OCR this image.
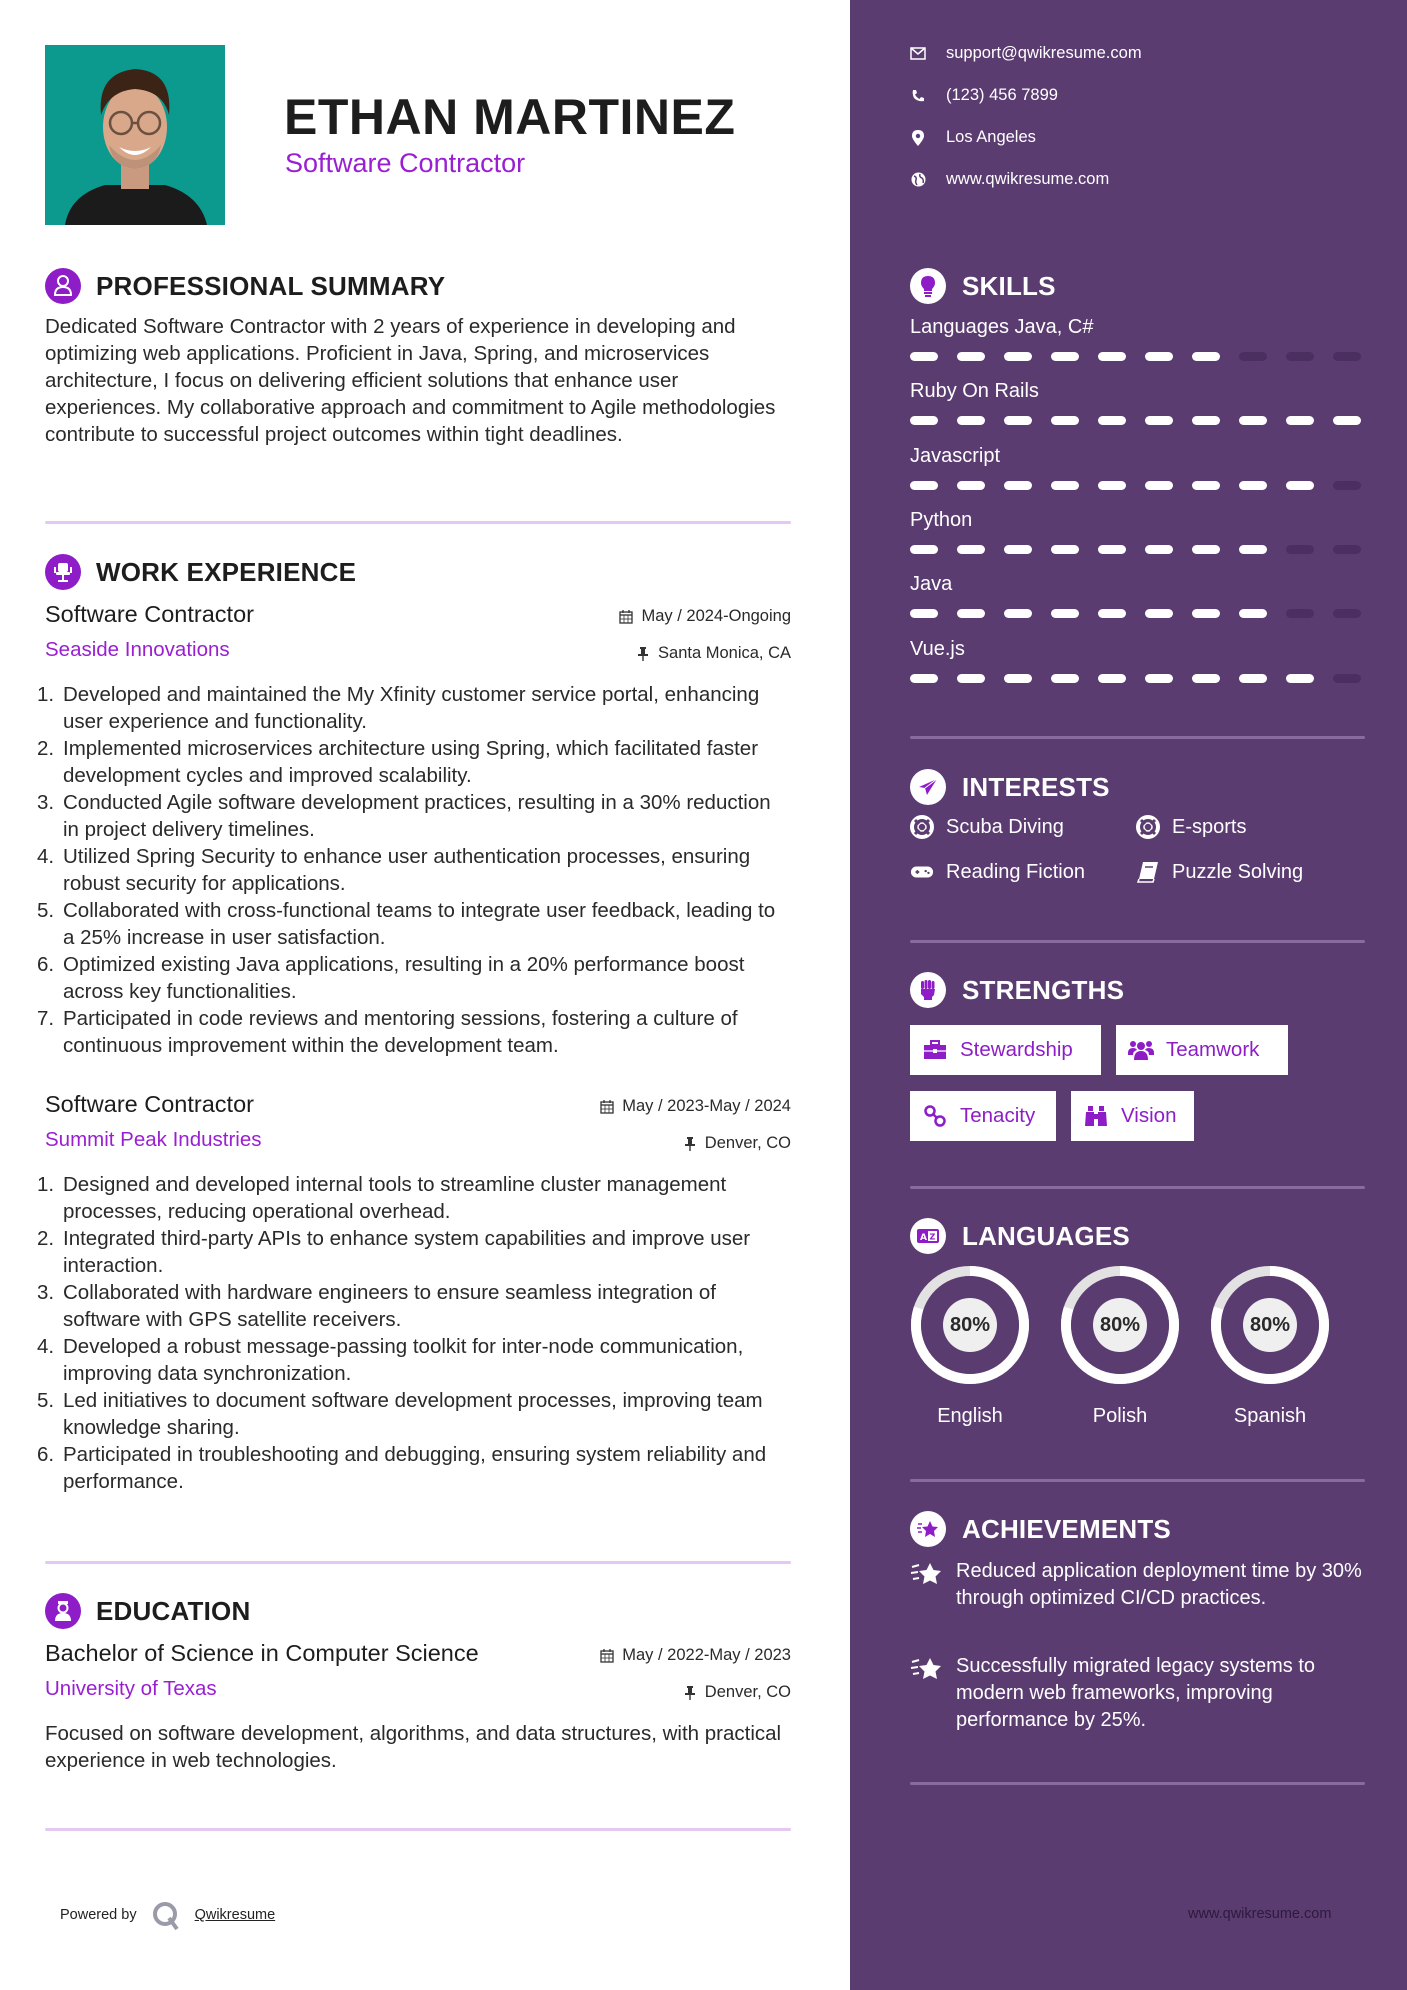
ETHAN MARTINEZ
Software Contractor
PROFESSIONAL SUMMARY

Dedicated Software Contractor with 2 years of experience in developing and optimizing web applications. Proficient in Java, Spring, and microservices architecture, I focus on delivering efficient solutions that enhance user experiences. My collaborative approach and commitment to Agile methodologies contribute to successful project outcomes within tight deadlines.

WORK EXPERIENCE
Software Contractor	May / 2024-Ongoing
Seaside Innovations	Santa Monica, CA
1. Developed and maintained the My Xfinity customer service portal, enhancing user experience and functionality.
2. Implemented microservices architecture using Spring, which facilitated faster development cycles and improved scalability.
3. Conducted Agile software development practices, resulting in a 30% reduction in project delivery timelines.
4. Utilized Spring Security to enhance user authentication processes, ensuring robust security for applications.
5. Collaborated with cross-functional teams to integrate user feedback, leading to a 25% increase in user satisfaction.
6. Optimized existing Java applications, resulting in a 20% performance boost across key functionalities.
7. Participated in code reviews and mentoring sessions, fostering a culture of continuous improvement within the development team.
Software Contractor	May / 2023-May / 2024
Summit Peak Industries	Denver, CO
1. Designed and developed internal tools to streamline cluster management processes, reducing operational overhead.
2. Integrated third-party APIs to enhance system capabilities and improve user interaction.
3. Collaborated with hardware engineers to ensure seamless integration of software with GPS satellite receivers.
4. Developed a robust message-passing toolkit for inter-node communication, improving data synchronization.
5. Led initiatives to document software development processes, improving team knowledge sharing.
6. Participated in troubleshooting and debugging, ensuring system reliability and performance.
EDUCATION
Bachelor of Science in Computer Science	May / 2022-May / 2023
University of Texas	Denver, CO

Focused on software development, algorithms, and data structures, with practical experience in web technologies.

Powered by	Qwikresume
support@qwikresume.com
(123) 456 7899
Los Angeles
www.qwikresume.com
SKILLS
Languages Java, C#
Ruby On Rails
Javascript
Python
Java
Vue.js
INTERESTS
Scuba Diving	E-sports
Reading Fiction	Puzzle Solving
STRENGTHS
Stewardship	Teamwork
Tenacity	Vision
A Z LANGUAGES
80%
English
80%
Polish
80%
Spanish
ACHIEVEMENTS
Reduced application deployment time by 30% through optimized CI/CD practices.
Successfully migrated legacy systems to modern web frameworks, improving performance by 25%.
www.qwikresume.com
